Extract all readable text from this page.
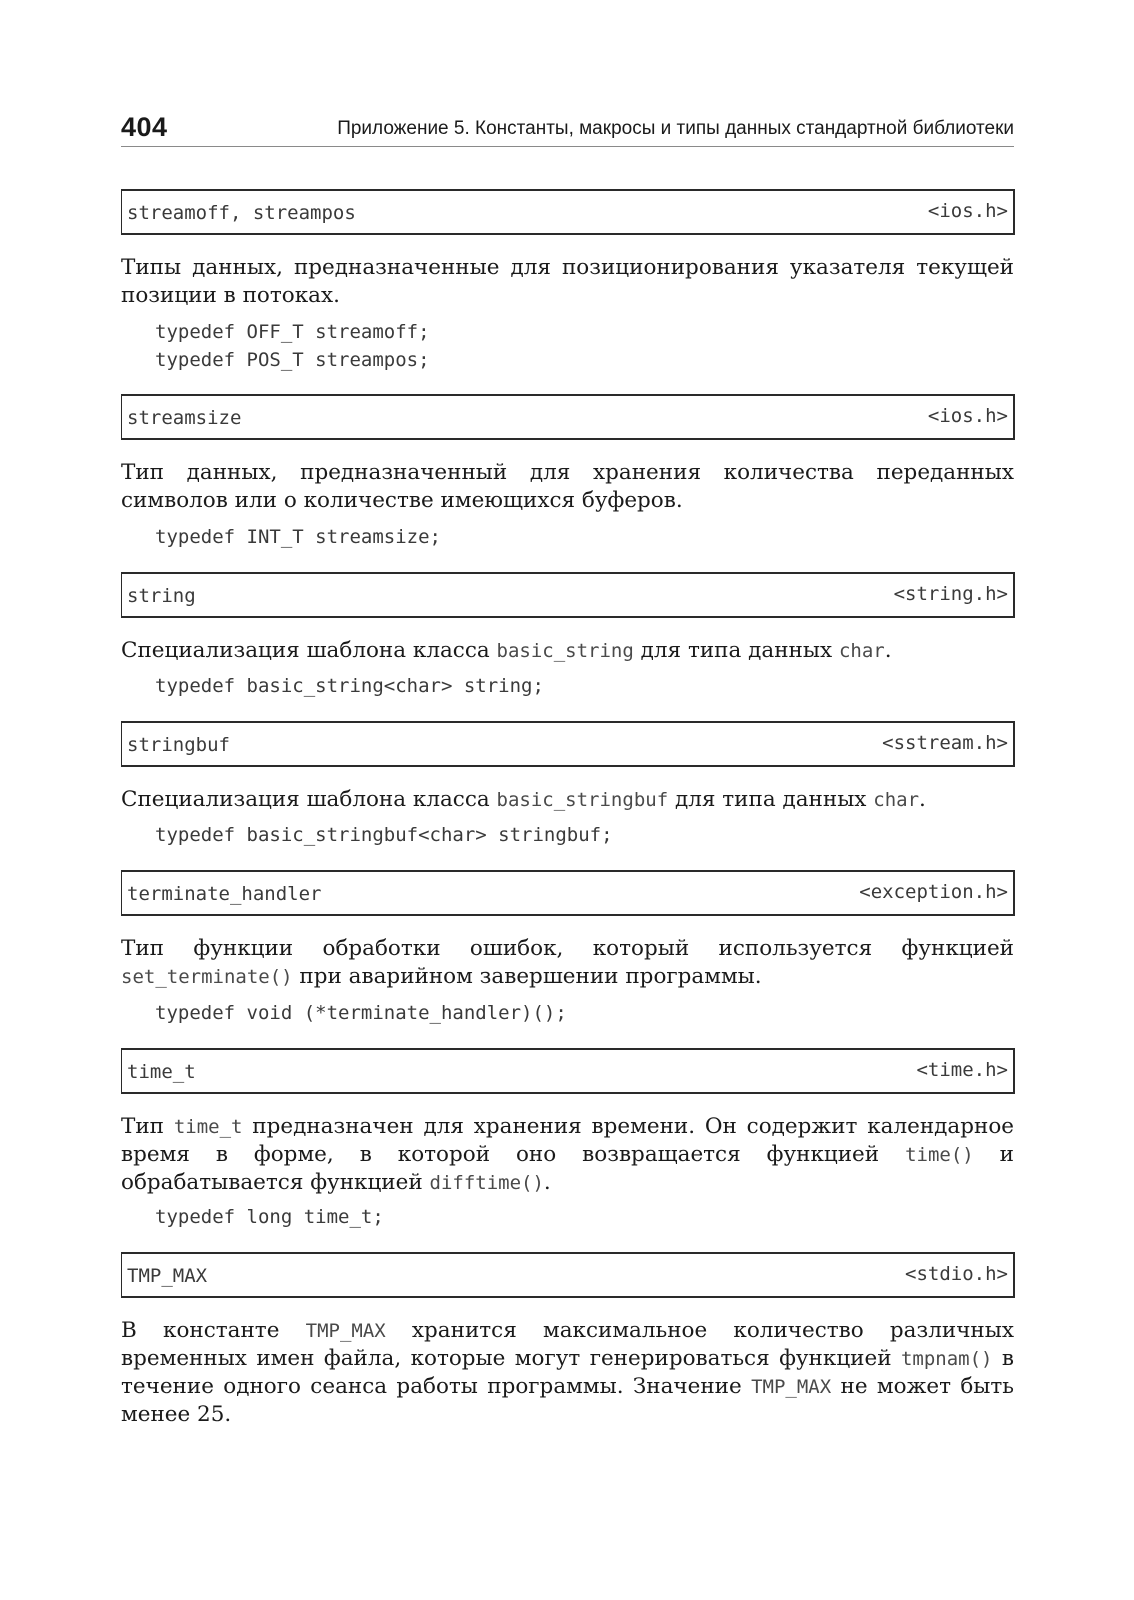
404	Приложение 5. Константы, макросы и типы данных стандартной библиотеки
streamoff, streampos	<ios.h>

Типы данных, предназначенные для позиционирования указателя текущей позиции в потоках.

typedef OFF_T streamoff;
typedef POS_T streampos;
streamsize	<ios.h>

Тип данных, предназначенный для хранения количества переданных символов или о количестве имеющихся буферов.

typedef INT_T streamsize;
string	<string.h>

Специализация шаблона класса basic_string для типа данных char.

typedef basic_string<char> string;
stringbuf	<sstream.h>

Специализация шаблона класса basic_stringbuf для типа данных char.

typedef basic_stringbuf<char> stringbuf;
terminate_handler	<exception.h>

Тип функции обработки ошибок, который используется функцией set_terminate() при аварийном завершении программы.

typedef void (*terminate_handler)();
time_t	<time.h>

Тип time_t предназначен для хранения времени. Он содержит календарное время в форме, в которой оно возвращается функцией time() и обрабатывается функцией difftime().

typedef long time_t;
TMP_MAX	<stdio.h>

В константе TMP_MAX хранится максимальное количество различных временных имен файла, которые могут генерироваться функцией tmpnam() в течение одного сеанса работы программы. Значение TMP_MAX не может быть менее 25.
